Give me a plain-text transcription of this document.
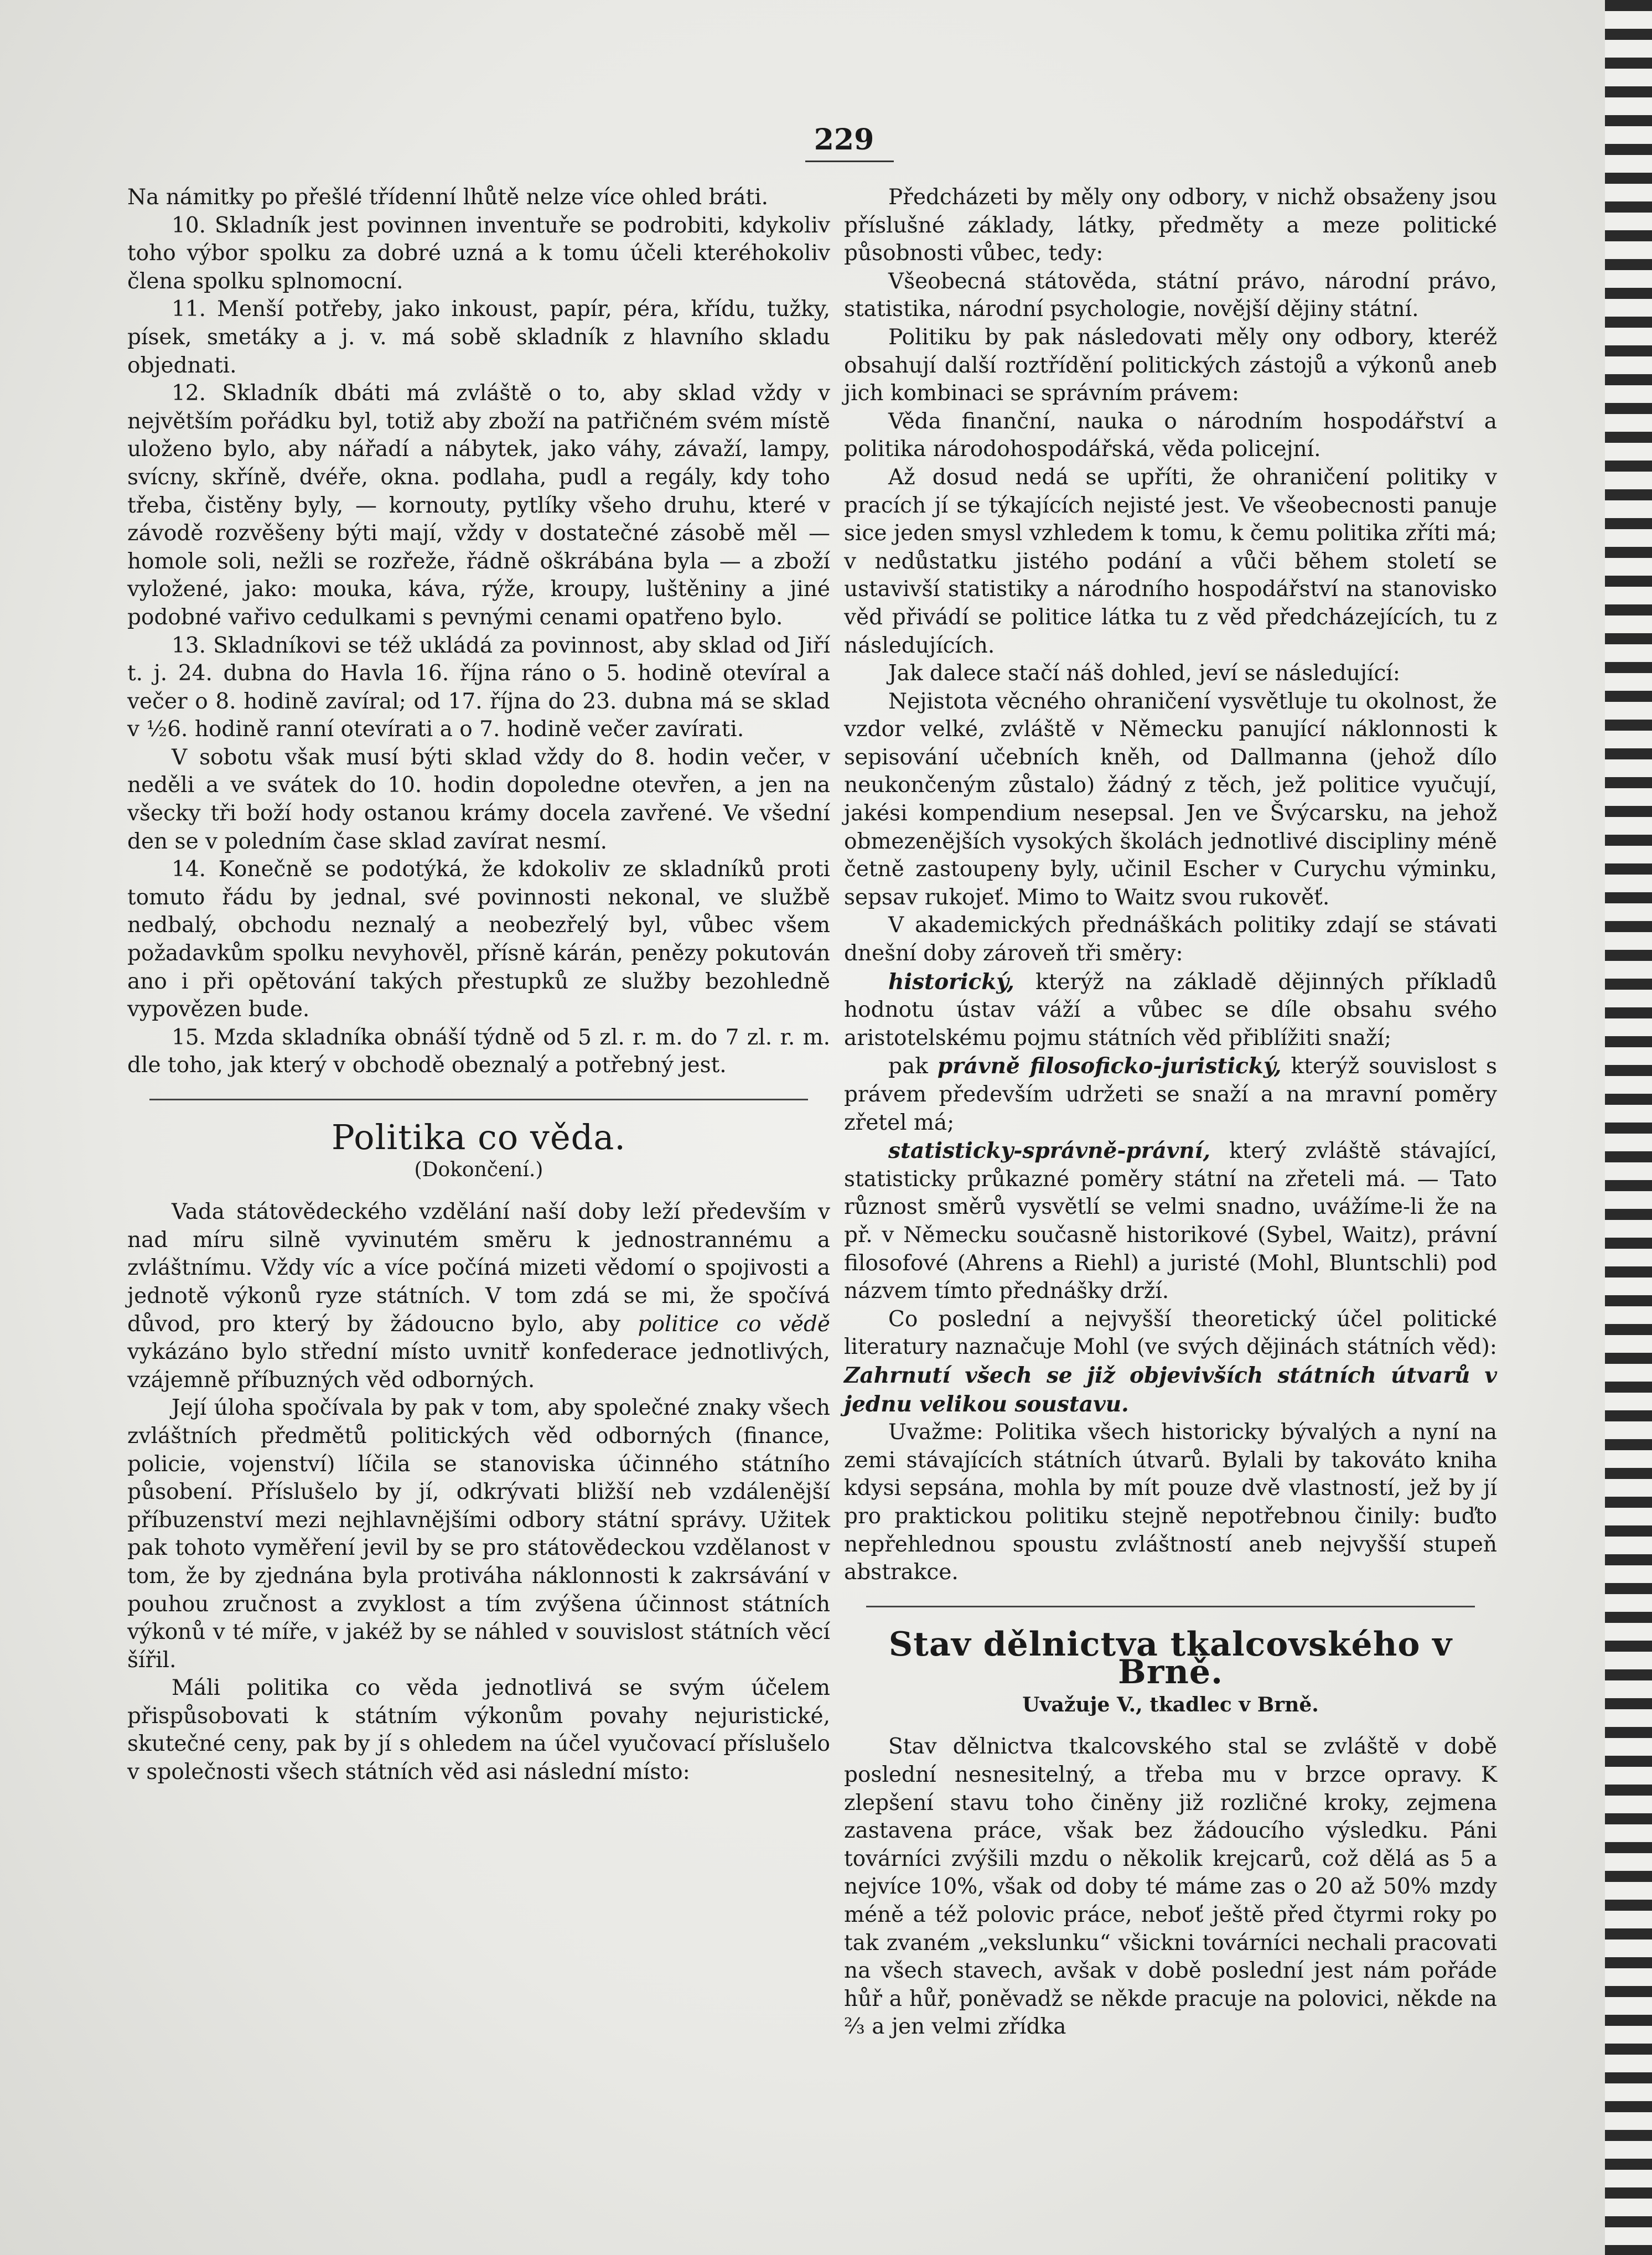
229

Na námitky po přešlé třídenní lhůtě nelze více ohled bráti.

10. Skladník jest povinnen inventuře se podrobiti, kdykoliv toho výbor spolku za dobré uzná a k tomu účeli kteréhokoliv člena spolku splnomocní.

11. Menší potřeby, jako inkoust, papír, péra, křídu, tužky, písek, smetáky a j. v. má sobě skladník z hlavního skladu objednati.

12. Skladník dbáti má zvláště o to, aby sklad vždy v největším pořádku byl, totiž aby zboží na patřičném svém místě uloženo bylo, aby nářadí a nábytek, jako váhy, závaží, lampy, svícny, skříně, dvéře, okna. podlaha, pudl a regály, kdy toho třeba, čistěny byly, — kornouty, pytlíky všeho druhu, které v závodě rozvěšeny býti mají, vždy v dostatečné zásobě měl — homole soli, nežli se rozřeže, řádně oškrábána byla — a zboží vyložené, jako: mouka, káva, rýže, kroupy, luštěniny a jiné podobné vařivo cedulkami s pevnými cenami opatřeno bylo.

13. Skladníkovi se též ukládá za povinnost, aby sklad od Jiří t. j. 24. dubna do Havla 16. října ráno o 5. hodině otevíral a večer o 8. hodině zavíral; od 17. října do 23. dubna má se sklad v ½6. hodině ranní otevírati a o 7. hodině večer zavírati.

V sobotu však musí býti sklad vždy do 8. hodin večer, v neděli a ve svátek do 10. hodin dopoledne otevřen, a jen na všecky tři boží hody ostanou krámy docela zavřené. Ve všední den se v poledním čase sklad zavírat nesmí.

14. Konečně se podotýká, že kdokoliv ze skladníků proti tomuto řádu by jednal, své povinnosti nekonal, ve službě nedbalý, obchodu neznalý a neobezřelý byl, vůbec všem požadavkům spolku nevyhověl, přísně kárán, penězy pokutován ano i při opětování takých přestupků ze služby bezohledně vypovězen bude.

15. Mzda skladníka obnáší týdně od 5 zl. r. m. do 7 zl. r. m. dle toho, jak který v obchodě obeznalý a potřebný jest.

Politika co věda.
(Dokončení.)

Vada státovědeckého vzdělání naší doby leží především v nad míru silně vyvinutém směru k jednostrannému a zvláštnímu. Vždy víc a více počíná mizeti vědomí o spojivosti a jednotě výkonů ryze státních. V tom zdá se mi, že spočívá důvod, pro který by žádoucno bylo, aby politice co vědě vykázáno bylo střední místo uvnitř konfederace jednotlivých, vzájemně příbuzných věd odborných.

Její úloha spočívala by pak v tom, aby společné znaky všech zvláštních předmětů politických věd odborných (finance, policie, vojenství) líčila se stanoviska účinného státního působení. Příslušelo by jí, odkrývati bližší neb vzdálenější příbuzenství mezi nejhlavnějšími odbory státní správy. Užitek pak tohoto vyměření jevil by se pro státovědeckou vzdělanost v tom, že by zjednána byla protiváha náklonnosti k zakrsávání v pouhou zručnost a zvyklost a tím zvýšena účinnost státních výkonů v té míře, v jakéž by se náhled v souvislost státních věcí šířil.

Máli politika co věda jednotlivá se svým účelem přispůsobovati k státním výkonům povahy nejuristické, skutečné ceny, pak by jí s ohledem na účel vyučovací příslušelo v společnosti všech státních věd asi následní místo:

Předcházeti by měly ony odbory, v nichž obsaženy jsou příslušné základy, látky, předměty a meze politické působnosti vůbec, tedy:

Všeobecná státověda, státní právo, národní právo, statistika, národní psychologie, novější dějiny státní.

Politiku by pak následovati měly ony odbory, kteréž obsahují další roztřídění politických zástojů a výkonů aneb jich kombinaci se správním právem:

Věda finanční, nauka o národním hospodářství a politika národohospodářská, věda policejní.

Až dosud nedá se upříti, že ohraničení politiky v pracích jí se týkajících nejisté jest. Ve všeobecnosti panuje sice jeden smysl vzhledem k tomu, k čemu politika zříti má; v nedůstatku jistého podání a vůči během století se ustavivší statistiky a národního hospodářství na stanovisko věd přivádí se politice látka tu z věd předcházejících, tu z následujících.

Jak dalece stačí náš dohled, jeví se následující:

Nejistota věcného ohraničení vysvětluje tu okolnost, že vzdor velké, zvláště v Německu panující náklonnosti k sepisování učebních kněh, od Dallmanna (jehož dílo neukončeným zůstalo) žádný z těch, jež politice vyučují, jakési kompendium nesepsal. Jen ve Švýcarsku, na jehož obmezenějších vysokých školách jednotlivé discipliny méně četně zastoupeny byly, učinil Escher v Curychu výminku, sepsav rukojeť. Mimo to Waitz svou rukověť.

V akademických přednáškách politiky zdají se stávati dnešní doby zároveň tři směry:

historický, kterýž na základě dějinných příkladů hodnotu ústav váží a vůbec se díle obsahu svého aristotelskému pojmu státních věd přiblížiti snaží;

pak právně filosoficko-juristický, kterýž souvislost s právem především udržeti se snaží a na mravní poměry zřetel má;

statisticky-správně-právní, který zvláště stávající, statisticky průkazné poměry státní na zřeteli má. — Tato různost směrů vysvětlí se velmi snadno, uvážíme-li že na př. v Německu současně historikové (Sybel, Waitz), právní filosofové (Ahrens a Riehl) a juristé (Mohl, Bluntschli) pod názvem tímto přednášky drží.

Co poslední a nejvyšší theoretický účel politické literatury naznačuje Mohl (ve svých dějinách státních věd): Zahrnutí všech se již objevivších státních útvarů v jednu velikou soustavu.

Uvažme: Politika všech historicky bývalých a nyní na zemi stávajících státních útvarů. Bylali by takováto kniha kdysi sepsána, mohla by mít pouze dvě vlastností, jež by jí pro praktickou politiku stejně nepotřebnou činily: buďto nepřehlednou spoustu zvláštností aneb nejvyšší stupeň abstrakce.

Stav dělnictva tkalcovského v Brně.
Uvažuje V., tkadlec v Brně.

Stav dělnictva tkalcovského stal se zvláště v době poslední nesnesitelný, a třeba mu v brzce opravy. K zlepšení stavu toho činěny již rozličné kroky, zejmena zastavena práce, však bez žádoucího výsledku. Páni továrníci zvýšili mzdu o několik krejcarů, což dělá as 5 a nejvíce 10%, však od doby té máme zas o 20 až 50% mzdy méně a též polovic práce, neboť ještě před čtyrmi roky po tak zvaném „vekslunku“ všickni továrníci nechali pracovati na všech stavech, avšak v době poslední jest nám pořáde hůř a hůř, poněvadž se někde pracuje na polovici, někde na ⅔ a jen velmi zřídka
